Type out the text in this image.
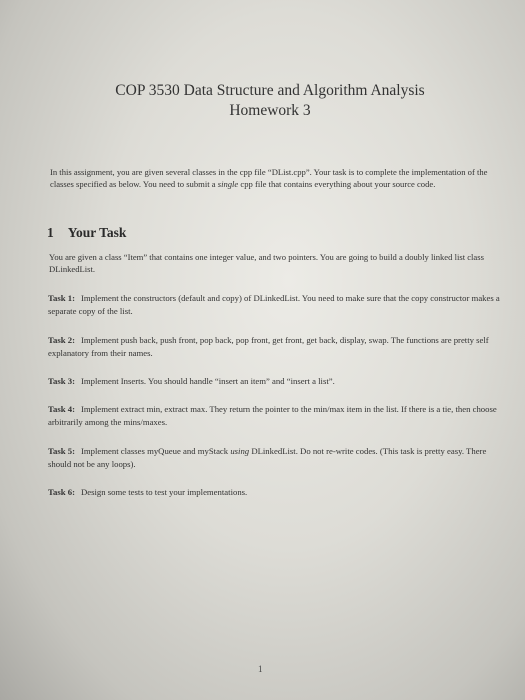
COP 3530 Data Structure and Algorithm Analysis
Homework 3

In this assignment, you are given several classes in the cpp file “DList.cpp”. Your task is to complete the implementation of the classes specified as below. You need to submit a single cpp file that contains everything about your source code.

1 Your Task

You are given a class “Item” that contains one integer value, and two pointers. You are going to build a doubly linked list class DLinkedList.

Task 1: Implement the constructors (default and copy) of DLinkedList. You need to make sure that the copy constructor makes a separate copy of the list.

Task 2: Implement push back, push front, pop back, pop front, get front, get back, display, swap. The functions are pretty self explanatory from their names.

Task 3: Implement Inserts. You should handle “insert an item” and “insert a list”.

Task 4: Implement extract min, extract max. They return the pointer to the min/max item in the list. If there is a tie, then choose arbitrarily among the mins/maxes.

Task 5: Implement classes myQueue and myStack using DLinkedList. Do not re-write codes. (This task is pretty easy. There should not be any loops).

Task 6: Design some tests to test your implementations.

1
